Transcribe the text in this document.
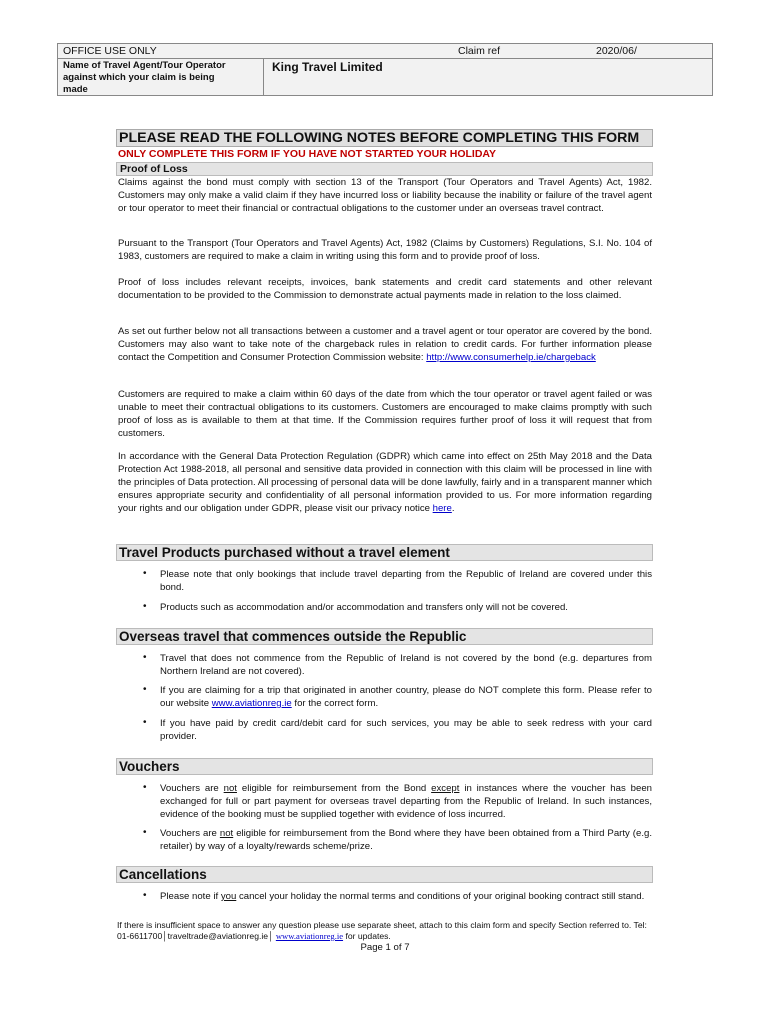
OFFICE USE ONLY	Claim ref	2020/06/
Name of Travel Agent/Tour Operator against which your claim is being made
King Travel Limited
PLEASE READ THE FOLLOWING NOTES BEFORE COMPLETING THIS FORM
ONLY COMPLETE THIS FORM IF YOU HAVE NOT STARTED YOUR HOLIDAY
Proof of Loss

Claims against the bond must comply with section 13 of the Transport (Tour Operators and Travel Agents) Act, 1982. Customers may only make a valid claim if they have incurred loss or liability because the inability or failure of the travel agent or tour operator to meet their financial or contractual obligations to the customer under an overseas travel contract.

Pursuant to the Transport (Tour Operators and Travel Agents) Act, 1982 (Claims by Customers) Regulations, S.I. No. 104 of 1983, customers are required to make a claim in writing using this form and to provide proof of loss.

Proof of loss includes relevant receipts, invoices, bank statements and credit card statements and other relevant documentation to be provided to the Commission to demonstrate actual payments made in relation to the loss claimed.

As set out further below not all transactions between a customer and a travel agent or tour operator are covered by the bond. Customers may also want to take note of the chargeback rules in relation to credit cards. For further information please contact the Competition and Consumer Protection Commission website: http://www.consumerhelp.ie/chargeback

Customers are required to make a claim within 60 days of the date from which the tour operator or travel agent failed or was unable to meet their contractual obligations to its customers. Customers are encouraged to make claims promptly with such proof of loss as is available to them at that time. If the Commission requires further proof of loss it will request that from customers.

In accordance with the General Data Protection Regulation (GDPR) which came into effect on 25th May 2018 and the Data Protection Act 1988-2018, all personal and sensitive data provided in connection with this claim will be processed in line with the principles of Data protection. All processing of personal data will be done lawfully, fairly and in a transparent manner which ensures appropriate security and confidentiality of all personal information provided to us. For more information regarding your rights and our obligation under GDPR, please visit our privacy notice here.

Travel Products purchased without a travel element
• Please note that only bookings that include travel departing from the Republic of Ireland are covered under this bond.

• Products such as accommodation and/or accommodation and transfers only will not be covered.

Overseas travel that commences outside the Republic
• Travel that does not commence from the Republic of Ireland is not covered by the bond (e.g. departures from Northern Ireland are not covered).

• If you are claiming for a trip that originated in another country, please do NOT complete this form. Please refer to our website www.aviationreg.ie for the correct form.

• If you have paid by credit card/debit card for such services, you may be able to seek redress with your card provider.

Vouchers
• Vouchers are not eligible for reimbursement from the Bond except in instances where the voucher has been exchanged for full or part payment for overseas travel departing from the Republic of Ireland. In such instances, evidence of the booking must be supplied together with evidence of loss incurred.

• Vouchers are not eligible for reimbursement from the Bond where they have been obtained from a Third Party (e.g. retailer) by way of a loyalty/rewards scheme/prize.

Cancellations
• Please note if you cancel your holiday the normal terms and conditions of your original booking contract still stand.

If there is insufficient space to answer any question please use separate sheet, attach to this claim form and specify Section referred to. Tel: 01-6611700│traveltrade@aviationreg.ie│ www.aviationreg.ie for updates.
Page 1 of 7
